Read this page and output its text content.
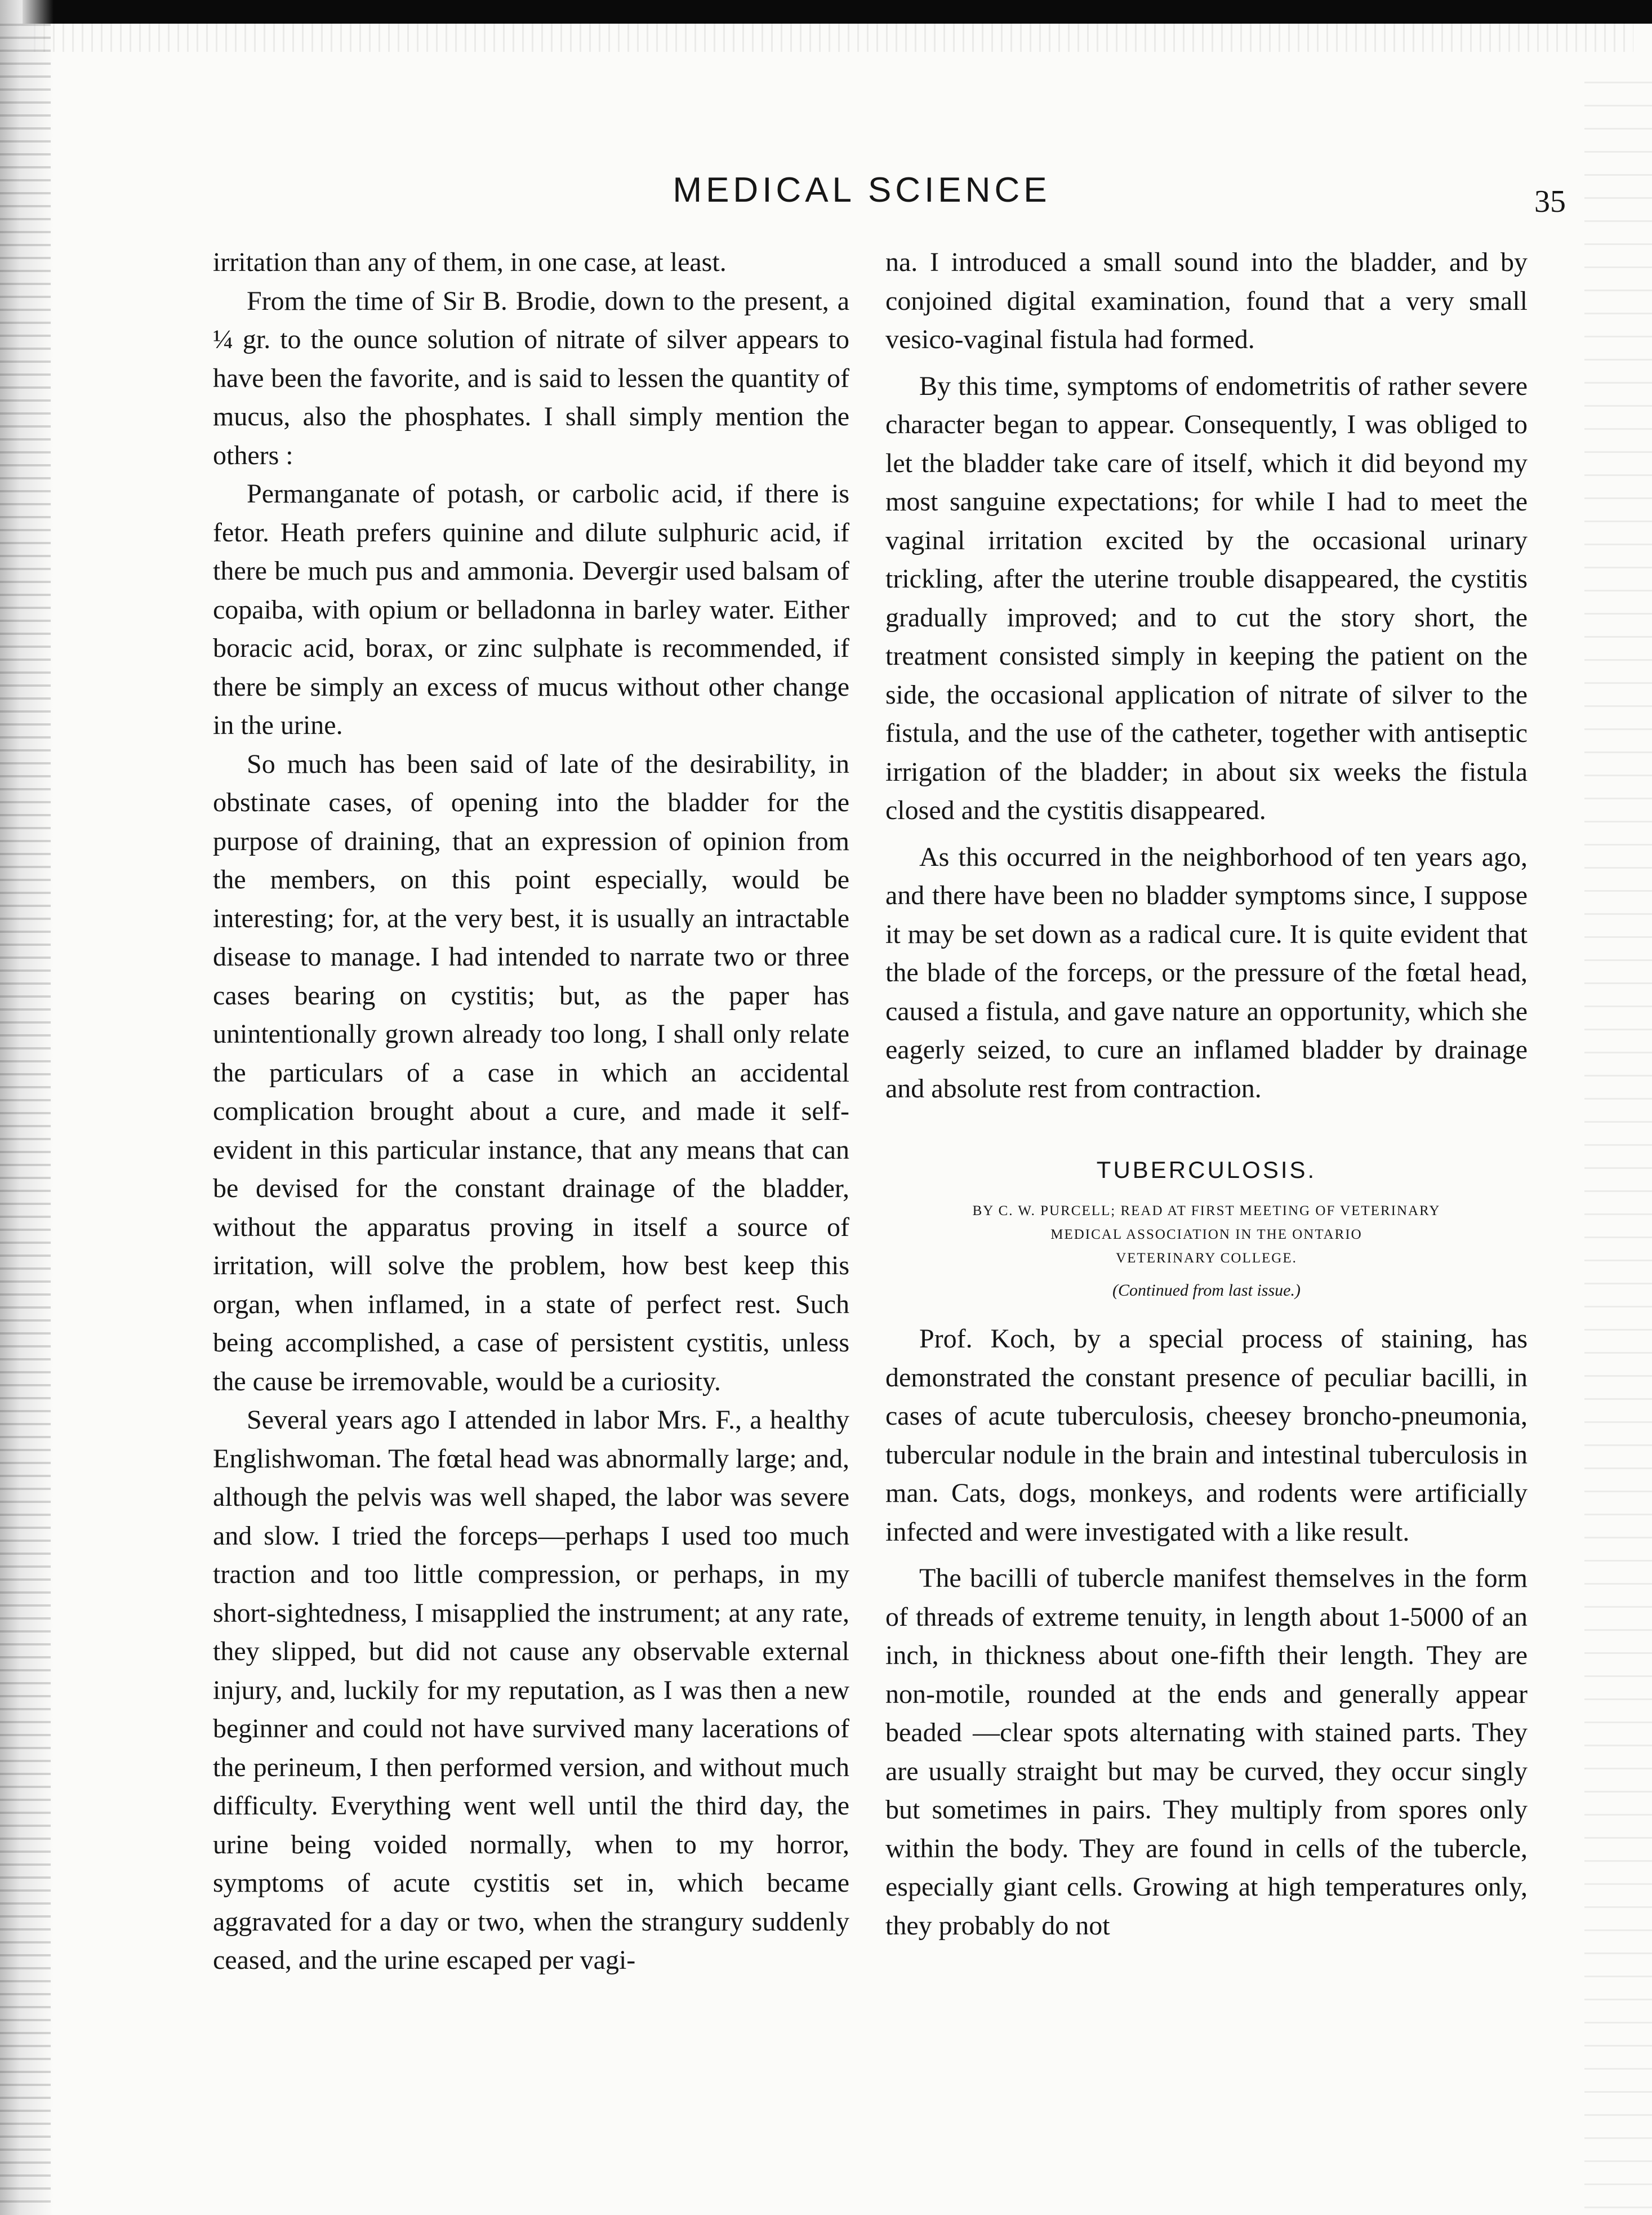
MEDICAL SCIENCE	35

irritation than any of them, in one case, at least.

From the time of Sir B. Brodie, down to the present, a ¼ gr. to the ounce solution of nitrate of silver appears to have been the favorite, and is said to lessen the quantity of mucus, also the phosphates. I shall simply mention the others :

Permanganate of potash, or carbolic acid, if there is fetor. Heath prefers quinine and dilute sulphuric acid, if there be much pus and ammonia. Devergir used balsam of copaiba, with opium or belladonna in barley water. Either boracic acid, borax, or zinc sulphate is recommended, if there be simply an excess of mucus without other change in the urine.

So much has been said of late of the desirability, in obstinate cases, of opening into the bladder for the purpose of draining, that an expression of opinion from the members, on this point especially, would be interesting; for, at the very best, it is usually an intractable disease to manage. I had intended to narrate two or three cases bearing on cystitis; but, as the paper has unintentionally grown already too long, I shall only relate the particulars of a case in which an accidental complication brought about a cure, and made it self-evident in this particular instance, that any means that can be devised for the constant drainage of the bladder, without the apparatus proving in itself a source of irritation, will solve the problem, how best keep this organ, when inflamed, in a state of perfect rest. Such being accomplished, a case of persistent cystitis, unless the cause be irremovable, would be a curiosity.

Several years ago I attended in labor Mrs. F., a healthy Englishwoman. The fœtal head was abnormally large; and, although the pelvis was well shaped, the labor was severe and slow. I tried the forceps—perhaps I used too much traction and too little compression, or perhaps, in my short-sightedness, I misapplied the instrument; at any rate, they slipped, but did not cause any observable external injury, and, luckily for my reputation, as I was then a new beginner and could not have survived many lacerations of the perineum, I then performed version, and without much difficulty. Everything went well until the third day, the urine being voided normally, when to my horror, symptoms of acute cystitis set in, which became aggravated for a day or two, when the strangury suddenly ceased, and the urine escaped per vagi-

na. I introduced a small sound into the bladder, and by conjoined digital examination, found that a very small vesico-vaginal fistula had formed.

By this time, symptoms of endometritis of rather severe character began to appear. Consequently, I was obliged to let the bladder take care of itself, which it did beyond my most sanguine expectations; for while I had to meet the vaginal irritation excited by the occasional urinary trickling, after the uterine trouble disappeared, the cystitis gradually improved; and to cut the story short, the treatment consisted simply in keeping the patient on the side, the occasional application of nitrate of silver to the fistula, and the use of the catheter, together with antiseptic irrigation of the bladder; in about six weeks the fistula closed and the cystitis disappeared.

As this occurred in the neighborhood of ten years ago, and there have been no bladder symptoms since, I suppose it may be set down as a radical cure. It is quite evident that the blade of the forceps, or the pressure of the fœtal head, caused a fistula, and gave nature an opportunity, which she eagerly seized, to cure an inflamed bladder by drainage and absolute rest from contraction.

TUBERCULOSIS.
BY C. W. PURCELL; READ AT FIRST MEETING OF VETERINARY
MEDICAL ASSOCIATION IN THE ONTARIO
VETERINARY COLLEGE.
(Continued from last issue.)

Prof. Koch, by a special process of staining, has demonstrated the constant presence of peculiar bacilli, in cases of acute tuberculosis, cheesey broncho-pneumonia, tubercular nodule in the brain and intestinal tuberculosis in man. Cats, dogs, monkeys, and rodents were artificially infected and were investigated with a like result.

The bacilli of tubercle manifest themselves in the form of threads of extreme tenuity, in length about 1-5000 of an inch, in thickness about one-fifth their length. They are non-motile, rounded at the ends and generally appear beaded —clear spots alternating with stained parts. They are usually straight but may be curved, they occur singly but sometimes in pairs. They multiply from spores only within the body. They are found in cells of the tubercle, especially giant cells. Growing at high temperatures only, they probably do not
